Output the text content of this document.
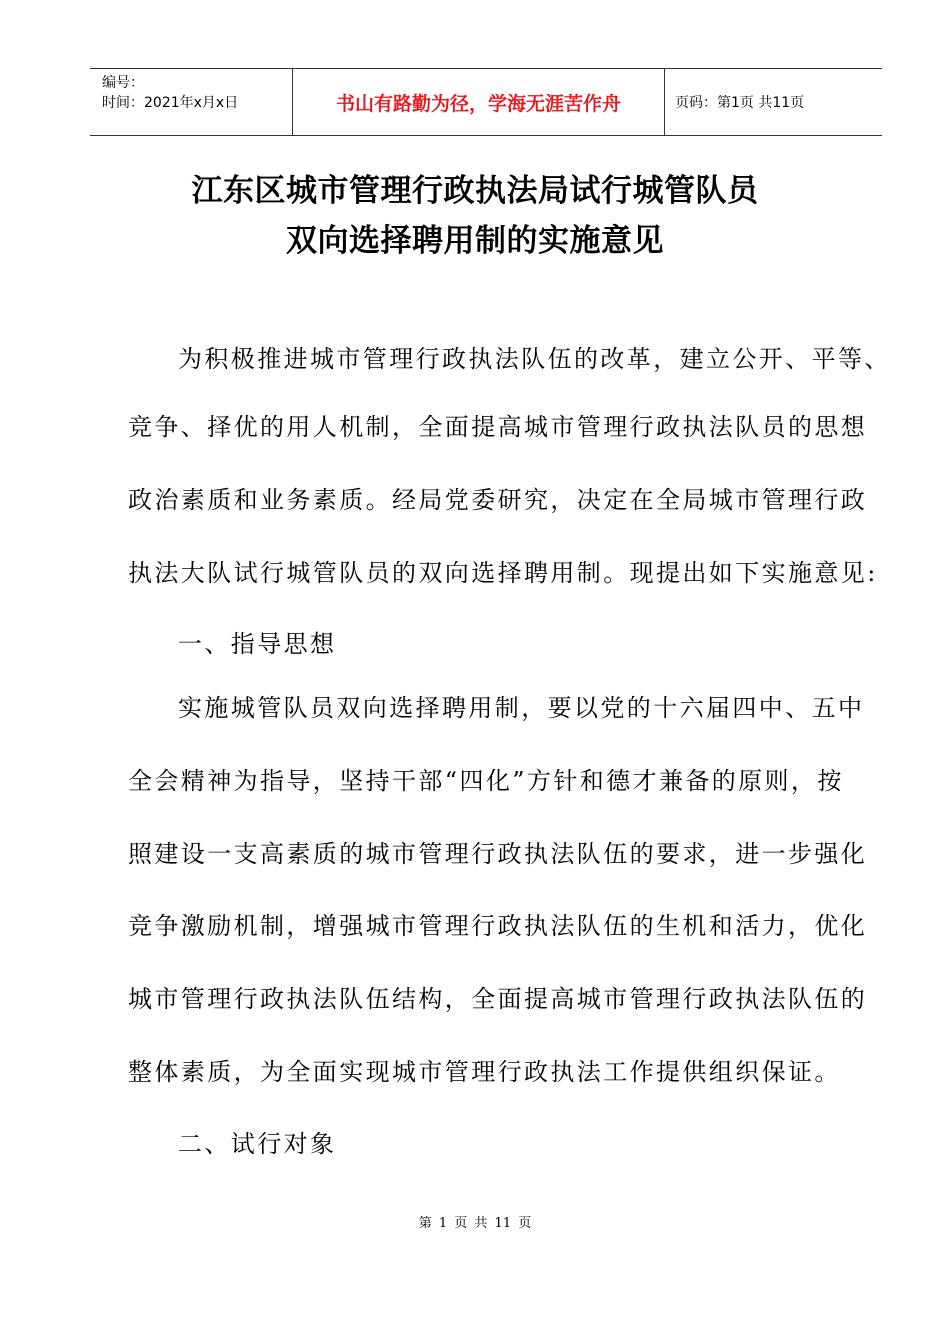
编号：
时间：2021年x月x日	书山有路勤为径，学海无涯苦作舟	页码：第1页 共11页
江东区城市管理行政执法局试行城管队员
双向选择聘用制的实施意见
为积极推进城市管理行政执法队伍的改革，建立公开、平等、
竞争、择优的用人机制，全面提高城市管理行政执法队员的思想
政治素质和业务素质。经局党委研究，决定在全局城市管理行政
执法大队试行城管队员的双向选择聘用制。现提出如下实施意见:
一、指导思想
实施城管队员双向选择聘用制，要以党的十六届四中、五中
全会精神为指导，坚持干部“四化”方针和德才兼备的原则，按
照建设一支高素质的城市管理行政执法队伍的要求，进一步强化
竞争激励机制，增强城市管理行政执法队伍的生机和活力，优化
城市管理行政执法队伍结构，全面提高城市管理行政执法队伍的
整体素质，为全面实现城市管理行政执法工作提供组织保证。
二、试行对象
第 1 页 共 11 页
